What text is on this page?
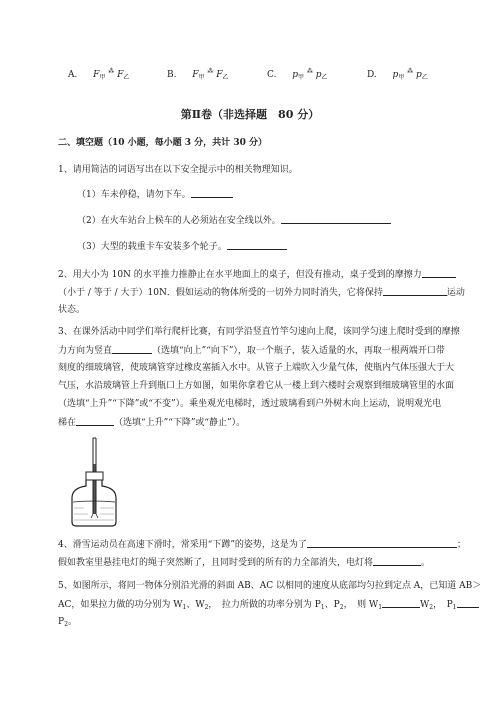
A. $F_甲$ ⁂ $F_乙$	B. $F_甲$ ⁂ $F_乙$	C. $p_甲$ ⁂ $p_乙$	D. $p_甲$ ⁂ $p_乙$
第Ⅱ卷（非选择题　80 分）
二、填空题（10 小题，每小题 3 分，共计 30 分）
1、请用简洁的词语写出在以下安全提示中的相关物理知识。
（1）车未停稳，请勿下车。
（2）在火车站台上候车的人必须站在安全线以外。
（3）大型的载重卡车安装多个轮子。
2、用大小为 10N 的水平推力推静止在水平地面上的桌子，但没有推动，桌子受到的摩擦力
（小于 / 等于 / 大于）10N．假如运动的物体所受的一切外力同时消失，它将保持	运动
状态。
3、在课外活动中同学们举行爬杆比赛，有同学沿竖直竹竿匀速向上爬，该同学匀速上爬时受到的摩擦
力方向为竖直	（选填“向上”“向下”），取一个瓶子，装入适量的水，再取一根两端开口带
刻度的细玻璃管，使玻璃管穿过橡皮塞插入水中。从管子上端吹入少量气体，使瓶内气体压强大于大
气压，水沿玻璃管上升到瓶口上方如图，如果你拿着它从一楼上到六楼时会观察到细玻璃管里的水面
（选填“上升”“下降”或“不变”）。乘坐观光电梯时，透过玻璃看到户外树木向上运动，说明观光电
梯在	（选填“上升”“下降”或“静止”）。
4、滑雪运动员在高速下滑时，常采用“下蹲”的姿势，这是为了	；
假如教室里悬挂电灯的绳子突然断了，且同时受到的所有的力全部消失，电灯将	。
5、如图所示，将同一物体分别沿光滑的斜面 AB、AC 以相同的速度从底部均匀拉到定点 A，已知道 AB＞
AC，如果拉力做的功分别为 $W_1$、$W_2$，　拉力所做的功率分别为 $P_1$、$P_2$，　则 $W_1$	$W_2$，　$P_1$
$P_2$。
